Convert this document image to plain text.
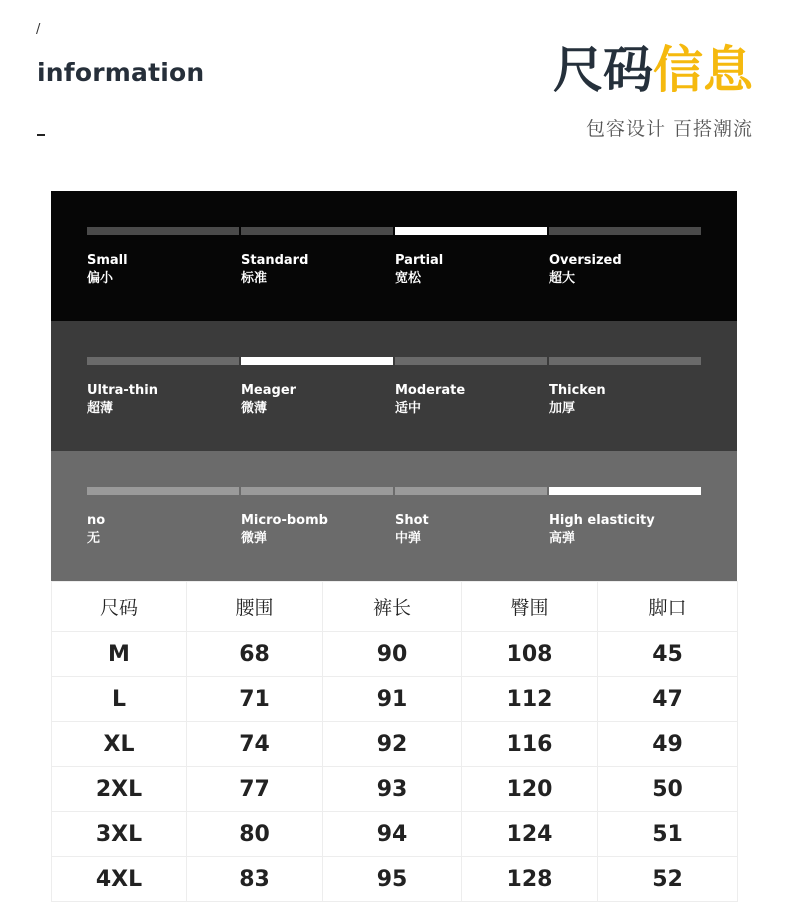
/
information	尺码信息
包容设计 百搭潮流
Small
偏小
Standard
标准
Partial
宽松
Oversized
超大
Ultra-thin
超薄
Meager
微薄
Moderate
适中
Thicken
加厚
no
无
Micro-bomb
微弹
Shot
中弹
High elasticity
高弹
尺码	腰围	裤长	臀围	脚口
M	68	90	108	45
L	71	91	112	47
XL	74	92	116	49
2XL	77	93	120	50
3XL	80	94	124	51
4XL	83	95	128	52
